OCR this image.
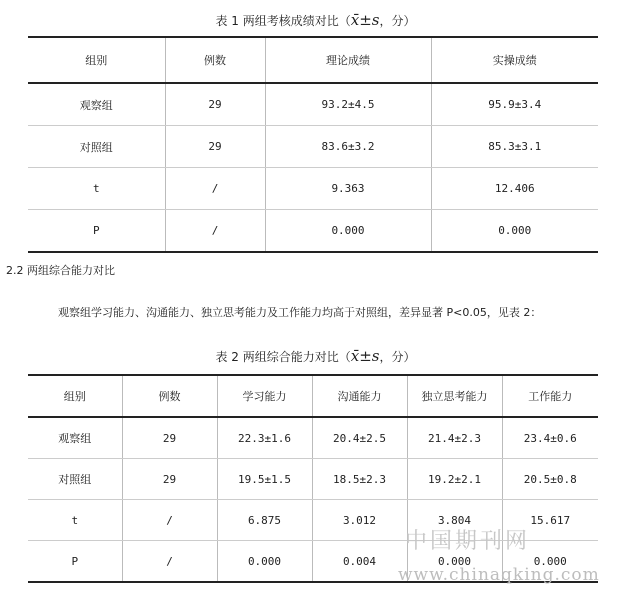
表 1 两组考核成绩对比（x̄±s，分）
组别	例数	理论成绩	实操成绩
观察组	29	93.2±4.5	95.9±3.4
对照组	29	83.6±3.2	85.3±3.1
t	/	9.363	12.406
P	/	0.000	0.000
2.2 两组综合能力对比
观察组学习能力、沟通能力、独立思考能力及工作能力均高于对照组，差异显著 P<0.05，见表 2：
表 2 两组综合能力对比（x̄±s，分）
组别	例数	学习能力	沟通能力	独立思考能力	工作能力
观察组	29	22.3±1.6	20.4±2.5	21.4±2.3	23.4±0.6
对照组	29	19.5±1.5	18.5±2.3	19.2±2.1	20.5±0.8
t	/	6.875	3.012	3.804	15.617
P	/	0.000	0.004	0.000	0.000
中国期刊网
www.chinaqking.com
